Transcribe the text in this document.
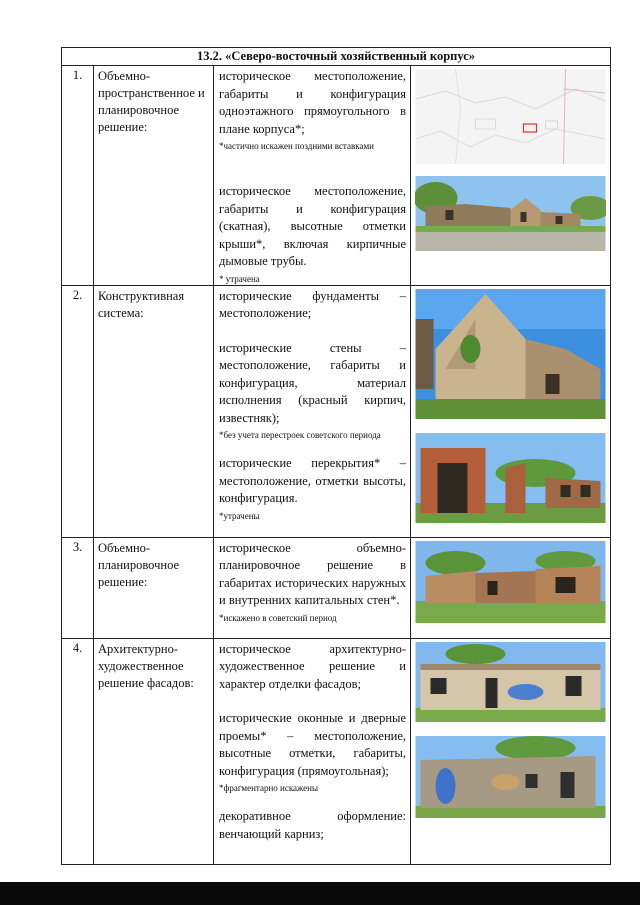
13.2. «Северо-восточный хозяйственный корпус»			
1.	Объемно-пространственное и планировочное решение:	историческое местоположение, габариты и конфигурация одноэтажного прямоугольного в плане корпуса*;

*частично искажен поздними вставками

историческое местоположение, габариты и конфигурация (скатная), высотные отметки крыши*, включая кирпичные дымовые трубы.

* утрачена

2.	Конструктивная система:	исторические фундаменты – местоположение;

исторические стены – местоположение, габариты и конфигурация, материал исполнения (красный кирпич, известняк);

*без учета перестроек советского периода

исторические перекрытия* – местоположение, отметки высоты, конфигурация.

*утрачены

3.	Объемно-планировочное решение:	историческое объемно-планировочное решение в габаритах исторических наружных и внутренних капитальных стен*.

*искажено в советский период

4.	Архитектурно-художественное решение фасадов:	историческое архитектурно-художественное решение и характер отделки фасадов;

исторические оконные и дверные проемы* – местоположение, высотные отметки, габариты, конфигурация (прямоугольная);

*фрагментарно искажены

декоративное оформление: венчающий карниз;
